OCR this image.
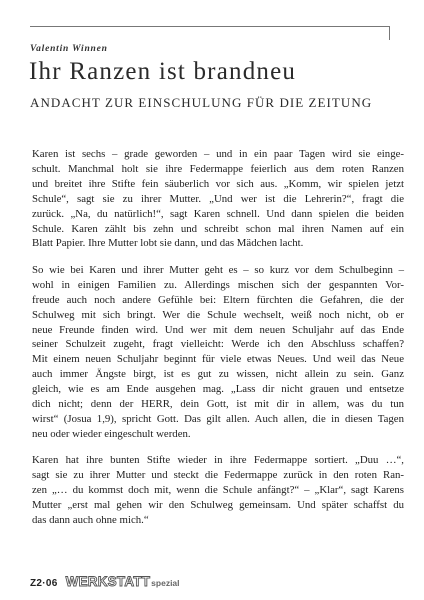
Valentin Winnen
Ihr Ranzen ist brandneu
ANDACHT ZUR EINSCHULUNG FÜR DIE ZEITUNG
Karen ist sechs – grade geworden – und in ein paar Tagen wird sie einge-
schult. Manchmal holt sie ihre Federmappe feierlich aus dem roten Ranzen
und breitet ihre Stifte fein säuberlich vor sich aus. „Komm, wir spielen jetzt
Schule“, sagt sie zu ihrer Mutter. „Und wer ist die Lehrerin?“, fragt die
zurück. „Na, du natürlich!“, sagt Karen schnell. Und dann spielen die beiden
Schule. Karen zählt bis zehn und schreibt schon mal ihren Namen auf ein
Blatt Papier. Ihre Mutter lobt sie dann, und das Mädchen lacht.
So wie bei Karen und ihrer Mutter geht es – so kurz vor dem Schulbeginn –
wohl in einigen Familien zu. Allerdings mischen sich der gespannten Vor-
freude auch noch andere Gefühle bei: Eltern fürchten die Gefahren, die der
Schulweg mit sich bringt. Wer die Schule wechselt, weiß noch nicht, ob er
neue Freunde finden wird. Und wer mit dem neuen Schuljahr auf das Ende
seiner Schulzeit zugeht, fragt vielleicht: Werde ich den Abschluss schaffen?
Mit einem neuen Schuljahr beginnt für viele etwas Neues. Und weil das Neue
auch immer Ängste birgt, ist es gut zu wissen, nicht allein zu sein. Ganz
gleich, wie es am Ende ausgehen mag. „Lass dir nicht grauen und entsetze
dich nicht; denn der HERR, dein Gott, ist mit dir in allem, was du tun
wirst“ (Josua 1,9), spricht Gott. Das gilt allen. Auch allen, die in diesen Tagen
neu oder wieder eingeschult werden.
Karen hat ihre bunten Stifte wieder in ihre Federmappe sortiert. „Duu …“,
sagt sie zu ihrer Mutter und steckt die Federmappe zurück in den roten Ran-
zen „… du kommst doch mit, wenn die Schule anfängt?“ – „Klar“, sagt Karens
Mutter „erst mal gehen wir den Schulweg gemeinsam. Und später schaffst du
das dann auch ohne mich.“
Z2·06 WERKSTATT spezial
